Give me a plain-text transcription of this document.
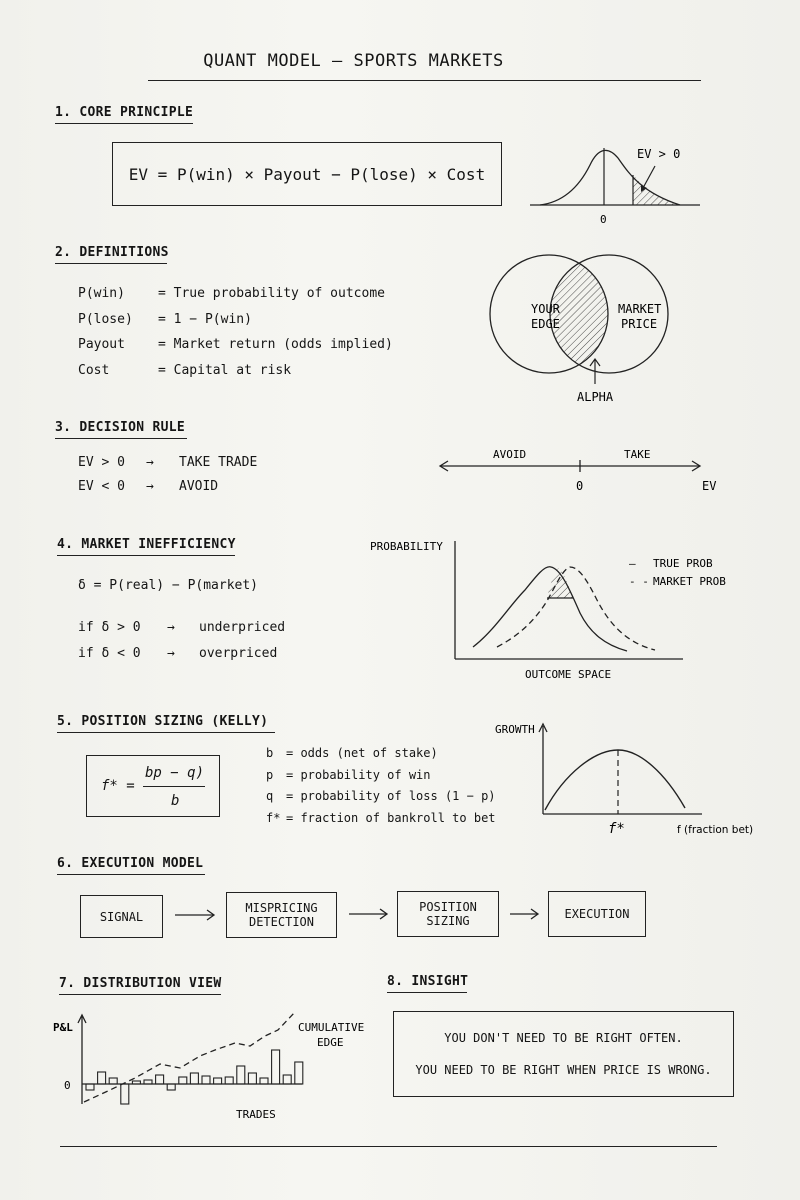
QUANT MODEL — SPORTS MARKETS
1. CORE PRINCIPLE
EV = P(win) × Payout − P(lose) × Cost
EV > 0
0
2. DEFINITIONS
P(win)	= True probability of outcome
P(lose)	= 1 − P(win)
Payout	= Market return (odds implied)
Cost	= Capital at risk
YOUR
EDGE
MARKET
PRICE
ALPHA
3. DECISION RULE
EV > 0	→	TAKE TRADE
EV < 0	→	AVOID
AVOID	TAKE
0	EV
4. MARKET INEFFICIENCY
δ = P(real) − P(market)
if δ > 0	→	underpriced
if δ < 0	→	overpriced
PROBABILITY
OUTCOME SPACE
— TRUE PROB
- - MARKET PROB
5. POSITION SIZING (KELLY)
f* =
bp − q)
b
b	= odds (net of stake)
p	= probability of win
q	= probability of loss (1 − p)
f* = fraction of bankroll to bet
GROWTH
f*	f (fraction bet)
6. EXECUTION MODEL
SIGNAL
MISPRICING
DETECTION
POSITION
SIZING	EXECUTION
7. DISTRIBUTION VIEW
P&L
0
TRADES
CUMULATIVE
EDGE
8. INSIGHT
YOU DON'T NEED TO BE RIGHT OFTEN.
YOU NEED TO BE RIGHT WHEN PRICE IS WRONG.
